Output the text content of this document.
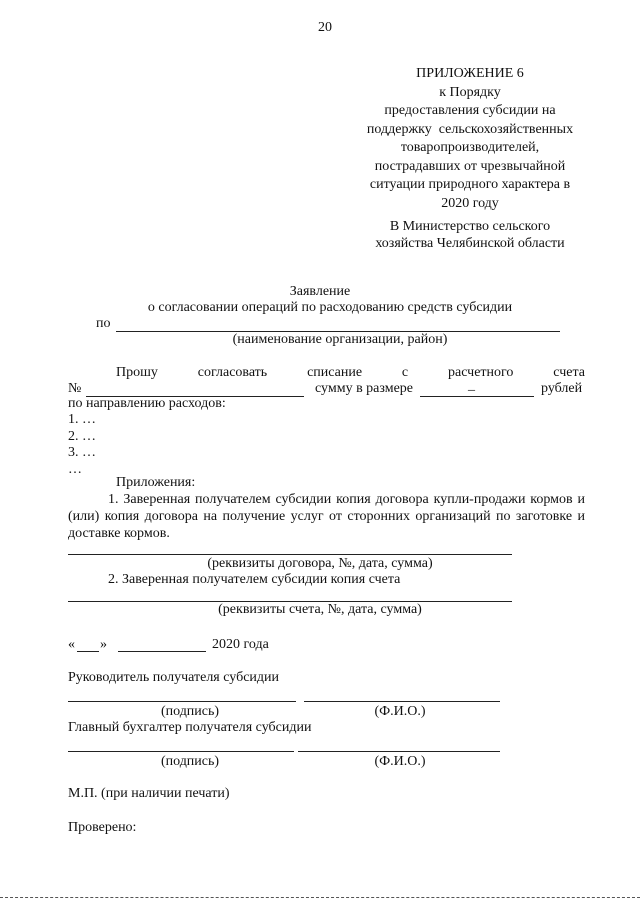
20
ПРИЛОЖЕНИЕ 6
к Порядку
предоставления субсидии на
поддержку  сельскохозяйственных
товаропроизводителей,
пострадавших от чрезвычайной
ситуации природного характера в
2020 году
В Министерство сельского
хозяйства Челябинской области
Заявление
о согласовании операций по расходованию средств субсидии
по
(наименование организации, район)
Прошу	согласовать	списание	с	расчетного	счета
№	сумму в размере	_	рублей
по направлению расходов:
1. …
2. …
3. …
…
Приложения:
1. Заверенная получателем субсидии копия договора купли-продажи кормов и (или) копия договора на получение услуг от сторонних организаций по заготовке и доставке кормов.
(реквизиты договора, №, дата, сумма)
2. Заверенная получателем субсидии копия счета
(реквизиты счета, №, дата, сумма)
« »	2020 года
Руководитель получателя субсидии
(подпись)	(Ф.И.О.)
Главный бухгалтер получателя субсидии
(подпись)	(Ф.И.О.)
М.П. (при наличии печати)
Проверено:
